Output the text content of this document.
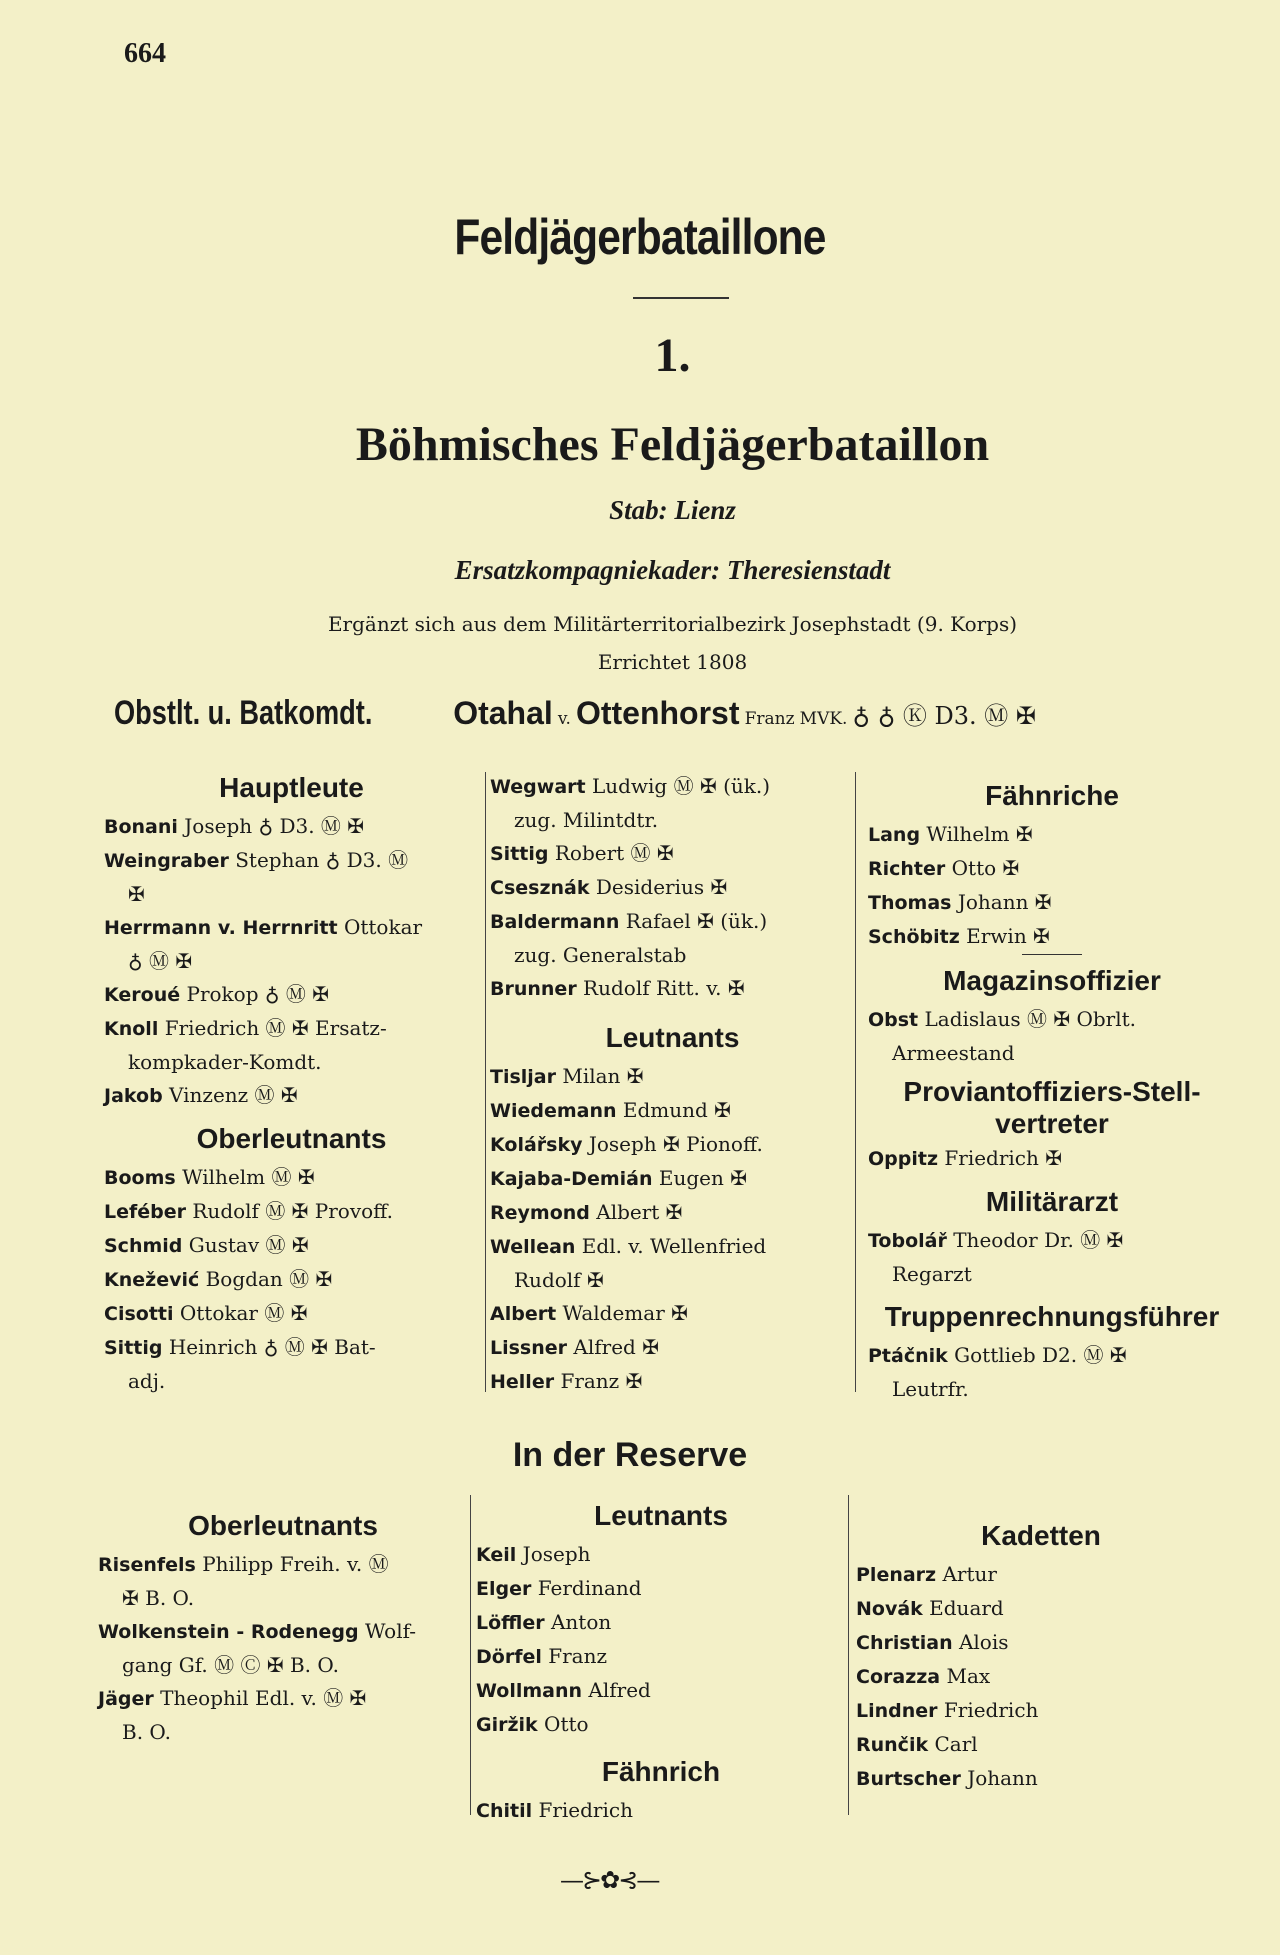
664
Feldjägerbataillone
1.
Böhmisches Feldjägerbataillon
Stab: Lienz
Ersatzkompagniekader: Theresienstadt
Ergänzt sich aus dem Militärterritorialbezirk Josephstadt (9. Korps)
Errichtet 1808
Obstlt. u. Batkomdt.	Otahal v. Ottenhorst Franz MVK. ♁ ♁ Ⓚ D3. Ⓜ ✠
Hauptleute
Bonani Joseph ♁ D3. Ⓜ ✠
Weingraber Stephan ♁ D3. Ⓜ
✠
Herrmann v. Herrnritt Ottokar
♁ Ⓜ ✠
Keroué Prokop ♁ Ⓜ ✠
Knoll Friedrich Ⓜ ✠ Ersatz-
kompkader-Komdt.
Jakob Vinzenz Ⓜ ✠
Oberleutnants
Booms Wilhelm Ⓜ ✠
Leféber Rudolf Ⓜ ✠ Provoff.
Schmid Gustav Ⓜ ✠
Knežević Bogdan Ⓜ ✠
Cisotti Ottokar Ⓜ ✠
Sittig Heinrich ♁ Ⓜ ✠ Bat-
adj.
Wegwart Ludwig Ⓜ ✠ (ük.)
zug. Milintdtr.
Sittig Robert Ⓜ ✠
Csesznák Desiderius ✠
Baldermann Rafael ✠ (ük.)
zug. Generalstab
Brunner Rudolf Ritt. v. ✠
Leutnants
Tisljar Milan ✠
Wiedemann Edmund ✠
Kolářsky Joseph ✠ Pionoff.
Kajaba-Demián Eugen ✠
Reymond Albert ✠
Wellean Edl. v. Wellenfried
Rudolf ✠
Albert Waldemar ✠
Lissner Alfred ✠
Heller Franz ✠
Fähnriche
Lang Wilhelm ✠
Richter Otto ✠
Thomas Johann ✠
Schöbitz Erwin ✠
Magazinsoffizier
Obst Ladislaus Ⓜ ✠ Obrlt.
Armeestand
Proviantoffiziers-Stell-vertreter
Oppitz Friedrich ✠
Militärarzt
Tobolář Theodor Dr. Ⓜ ✠
Regarzt
Truppenrechnungsführer
Ptáčnik Gottlieb D2. Ⓜ ✠
Leutrfr.
In der Reserve
Oberleutnants
Risenfels Philipp Freih. v. Ⓜ
✠ B. O.
Wolkenstein - Rodenegg Wolf-
gang Gf. Ⓜ Ⓒ ✠ B. O.
Jäger Theophil Edl. v. Ⓜ ✠
B. O.
Leutnants
Keil Joseph
Elger Ferdinand
Löffler Anton
Dörfel Franz
Wollmann Alfred
Giržik Otto
Fähnrich
Chitil Friedrich
Kadetten
Plenarz Artur
Novák Eduard
Christian Alois
Corazza Max
Lindner Friedrich
Runčik Carl
Burtscher Johann
—⊱✿⊰—
